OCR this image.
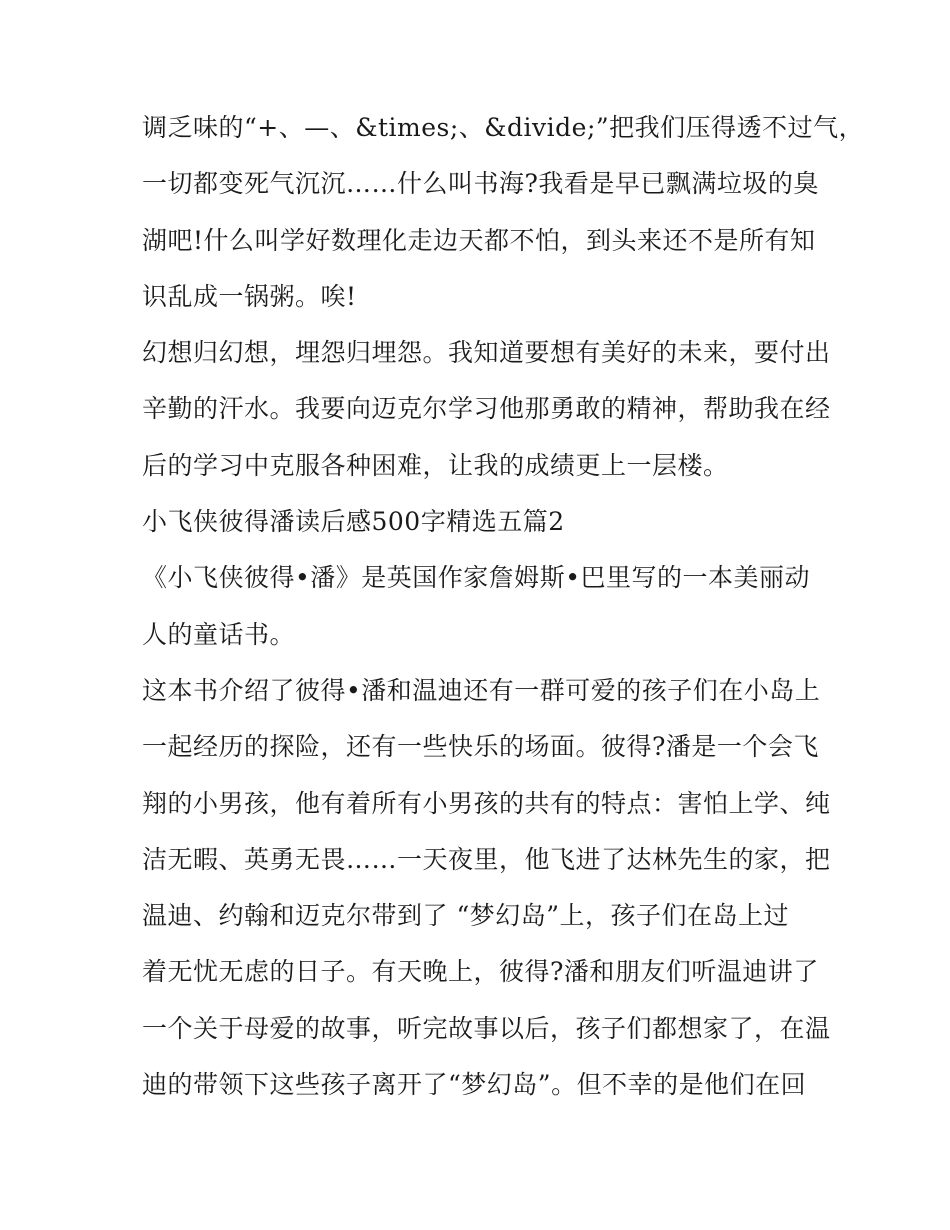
调乏味的“+、—、&times;、&divide;”把我们压得透不过气，
一切都变死气沉沉……什么叫书海?我看是早已飘满垃圾的臭
湖吧!什么叫学好数理化走边天都不怕，到头来还不是所有知
识乱成一锅粥。唉!
幻想归幻想，埋怨归埋怨。我知道要想有美好的未来，要付出
辛勤的汗水。我要向迈克尔学习他那勇敢的精神，帮助我在经
后的学习中克服各种困难，让我的成绩更上一层楼。
小飞侠彼得潘读后感500字精选五篇2
《小飞侠彼得•潘》是英国作家詹姆斯•巴里写的一本美丽动
人的童话书。
这本书介绍了彼得•潘和温迪还有一群可爱的孩子们在小岛上
一起经历的探险，还有一些快乐的场面。彼得?潘是一个会飞
翔的小男孩，他有着所有小男孩的共有的特点：害怕上学、纯
洁无暇、英勇无畏……一天夜里，他飞进了达林先生的家，把
温迪、约翰和迈克尔带到了 “梦幻岛”上，孩子们在岛上过
着无忧无虑的日子。有天晚上，彼得?潘和朋友们听温迪讲了
一个关于母爱的故事，听完故事以后，孩子们都想家了，在温
迪的带领下这些孩子离开了“梦幻岛”。但不幸的是他们在回
